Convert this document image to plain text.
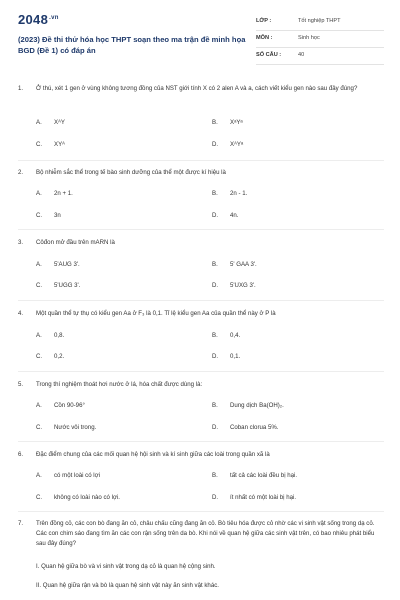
$2048^{.vn}$
(2023) Đề thi thử hóa học THPT soạn theo ma trận đề minh họa BGD (Đề 1) có đáp án
LỚP :	Tốt nghiệp THPT
MÔN :	Sinh học
SỐ CÂU :	40
1. Ở thú, xét 1 gen ở vùng không tương đồng của NST giới tính X có 2 alen A và a, cách viết kiểu gen nào sau đây đúng?
A. XᴬY	B. XᵃYᵃ
C. XYᴬ	D. XᴬYᵃ
2. Bộ nhiễm sắc thể trong tế bào sinh dưỡng của thể một được kí hiệu là
A. 2n + 1.	B. 2n - 1.
C. 3n	D. 4n.
3. Côđon mở đầu trên mARN là
A. 5'AUG 3'.	B. 5' GAA 3'.
C. 5'UGG 3'.	D. 5'UXG 3'.
4. Một quần thể tự thụ có kiểu gen Aa ở F₃ là 0,1. Tỉ lệ kiểu gen Aa của quần thể này ở P là
A. 0,8.	B. 0,4.
C. 0,2.	D. 0,1.
5. Trong thí nghiệm thoát hơi nước ở lá, hóa chất được dùng là:
A. Cồn 90-96°	B. Dung dịch Ba(OH)₂.
C. Nước vôi trong.	D. Coban clorua 5%.
6. Đặc điểm chung của các mối quan hệ hội sinh và kí sinh giữa các loài trong quần xã là
A. có một loài có lợi	B. tất cả các loài đều bị hại.
C. không có loài nào có lợi.	D. ít nhất có một loài bị hại.
7. Trên đồng cỏ, các con bò đang ăn cỏ, châu chấu cũng đang ăn cỏ. Bò tiêu hóa được cỏ nhờ các vi sinh vật sống trong dạ cỏ. Các con chim sáo đang tìm ăn các con rận sống trên da bò. Khi nói về quan hệ giữa các sinh vật trên, có bao nhiêu phát biểu sau đây đúng?
I. Quan hệ giữa bò và vi sinh vật trong dạ cỏ là quan hệ cộng sinh.
II. Quan hệ giữa rận và bò là quan hệ sinh vật này ăn sinh vật khác.
